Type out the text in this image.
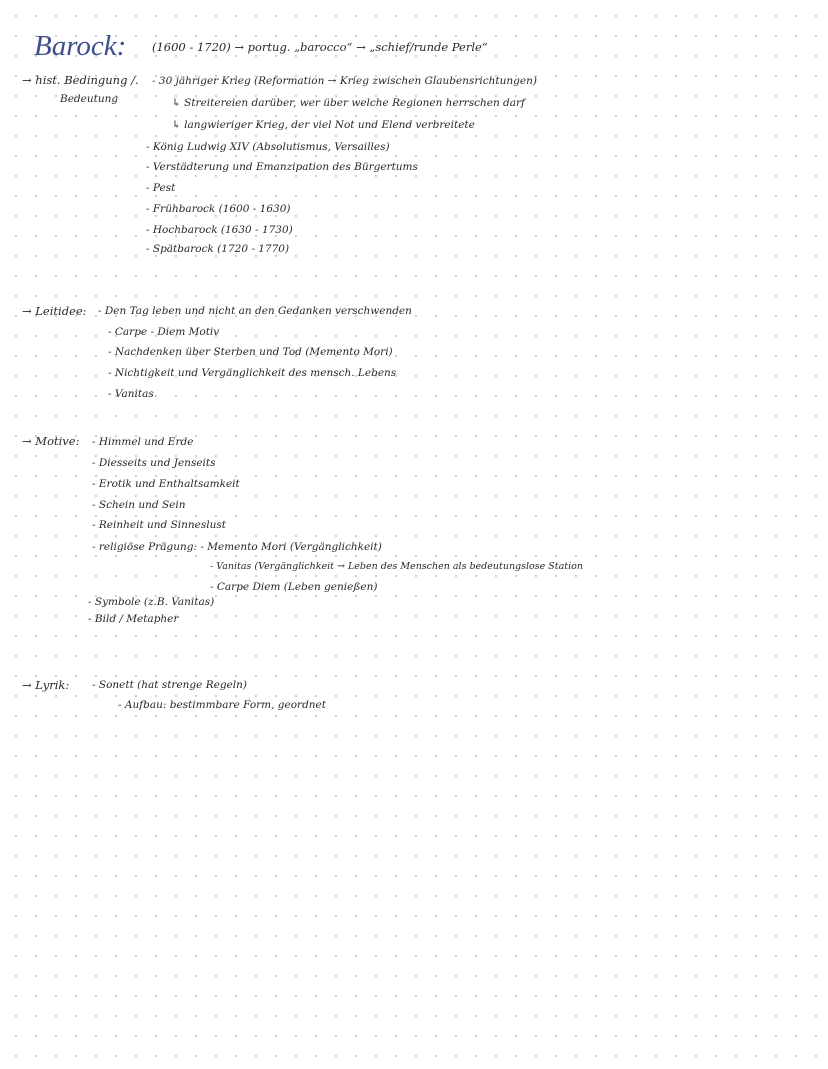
Barock: (1600 - 1720) → portug. „barocco“ → „schief/runde Perle“
→ hist. Bedingung /.
Bedeutung
- 30 jähriger Krieg (Reformation → Krieg zwischen Glaubensrichtungen)
↳ Streitereien darüber, wer über welche Regionen herrschen darf
↳ langwieriger Krieg, der viel Not und Elend verbreitete
- König Ludwig XIV (Absolutismus, Versailles)
- Verstädterung und Emanzipation des Bürgertums
- Pest
- Frühbarock (1600 - 1630)
- Hochbarock (1630 - 1730)
- Spätbarock (1720 - 1770)
→ Leitidee: - Den Tag leben und nicht an den Gedanken verschwenden
- Carpe - Diem Motiv
- Nachdenken über Sterben und Tod (Memento Mori)
- Nichtigkeit und Vergänglichkeit des mensch. Lebens
- Vanitas
→ Motive: - Himmel und Erde
- Diesseits und Jenseits
- Erotik und Enthaltsamkeit
- Schein und Sein
- Reinheit und Sinneslust
- religiöse Prägung: - Memento Mori (Vergänglichkeit)
- Vanitas (Vergänglichkeit → Leben des Menschen als bedeutungslose Station
- Carpe Diem (Leben genießen)
- Symbole (z.B. Vanitas)
- Bild / Metapher
→ Lyrik: - Sonett (hat strenge Regeln)
- Aufbau: bestimmbare Form, geordnet
